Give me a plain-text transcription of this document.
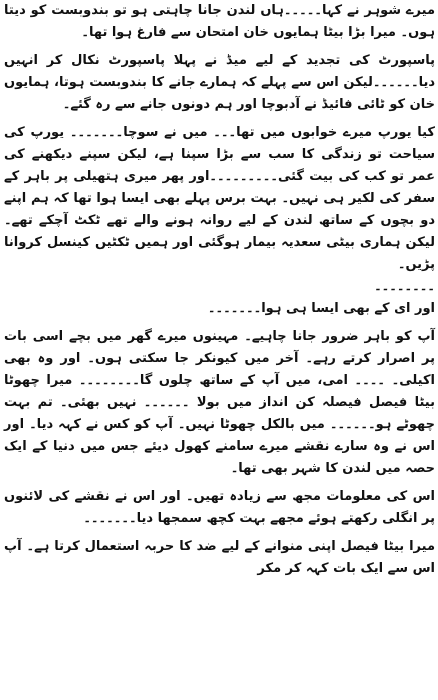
میرے شوہر نے کہا۔۔۔۔۔ہاں لندن جانا چاہتی ہو تو بندوبست کو دیتا ہوں۔ میرا بڑا بیٹا ہمایوں خان امتحان سے فارغ ہوا تھا۔

پاسپورٹ کی تجدید کے لیے میڈ نے پہلا پاسپورٹ نکال کر انہیں دیا۔۔۔۔۔۔لیکن اس سے پہلے کہ ہمارے جانے کا بندوبست ہوتا، ہمایوں خان کو ٹائی فائیڈ نے آدبوچا اور ہم دونوں جانے سے رہ گئے۔

کیا یورپ میرے خوابوں میں تھا۔۔۔ میں نے سوچا۔۔۔۔۔۔۔ یورپ کی سیاحت تو زندگی کا سب سے بڑا سپنا ہے، لیکن سپنے دیکھنے کی عمر تو کب کی بیت گئی۔۔۔۔۔۔۔۔۔اور پھر میری ہتھیلی پر باہر کے سفر کی لکیر ہی نہیں۔ بہت برس پہلے بھی ایسا ہوا تھا کہ ہم اپنے دو بچوں کے ساتھ لندن کے لیے روانہ ہونے والے تھے ٹکٹ آچکے تھے۔ لیکن ہماری بیٹی سعدیہ بیمار ہوگئی اور ہمیں ٹکٹیں کینسل کروانا پڑیں۔

۔۔۔۔۔۔۔۔

اور ای کے بھی ایسا ہی ہوا۔۔۔۔۔۔۔

آپ کو باہر ضرور جانا چاہیے۔ مہینوں میرے گھر میں بچے اسی بات پر اصرار کرتے رہے۔ آخر میں کیونکر جا سکتی ہوں۔ اور وہ بھی اکیلی۔ ۔۔۔۔ امی، میں آپ کے ساتھ چلوں گا۔۔۔۔۔۔۔۔ میرا چھوٹا بیٹا فیصل فیصلہ کن انداز میں بولا ۔۔۔۔۔۔ نہیں بھئی۔ تم بہت چھوٹے ہو۔۔۔۔۔۔ میں بالکل چھوٹا نہیں۔ آپ کو کس نے کہہ دیا۔ اور اس نے وہ سارے نقشے میرے سامنے کھول دیئے جس میں دنیا کے ایک حصہ میں لندن کا شہر بھی تھا۔

اس کی معلومات مجھ سے زیادہ تھیں۔ اور اس نے نقشے کی لائنوں پر انگلی رکھتے ہوئے مجھے بہت کچھ سمجھا دیا۔۔۔۔۔۔۔

میرا بیٹا فیصل اپنی منوانے کے لیے ضد کا حربہ استعمال کرتا ہے۔ آپ اس سے ایک بات کہہ کر مکر
